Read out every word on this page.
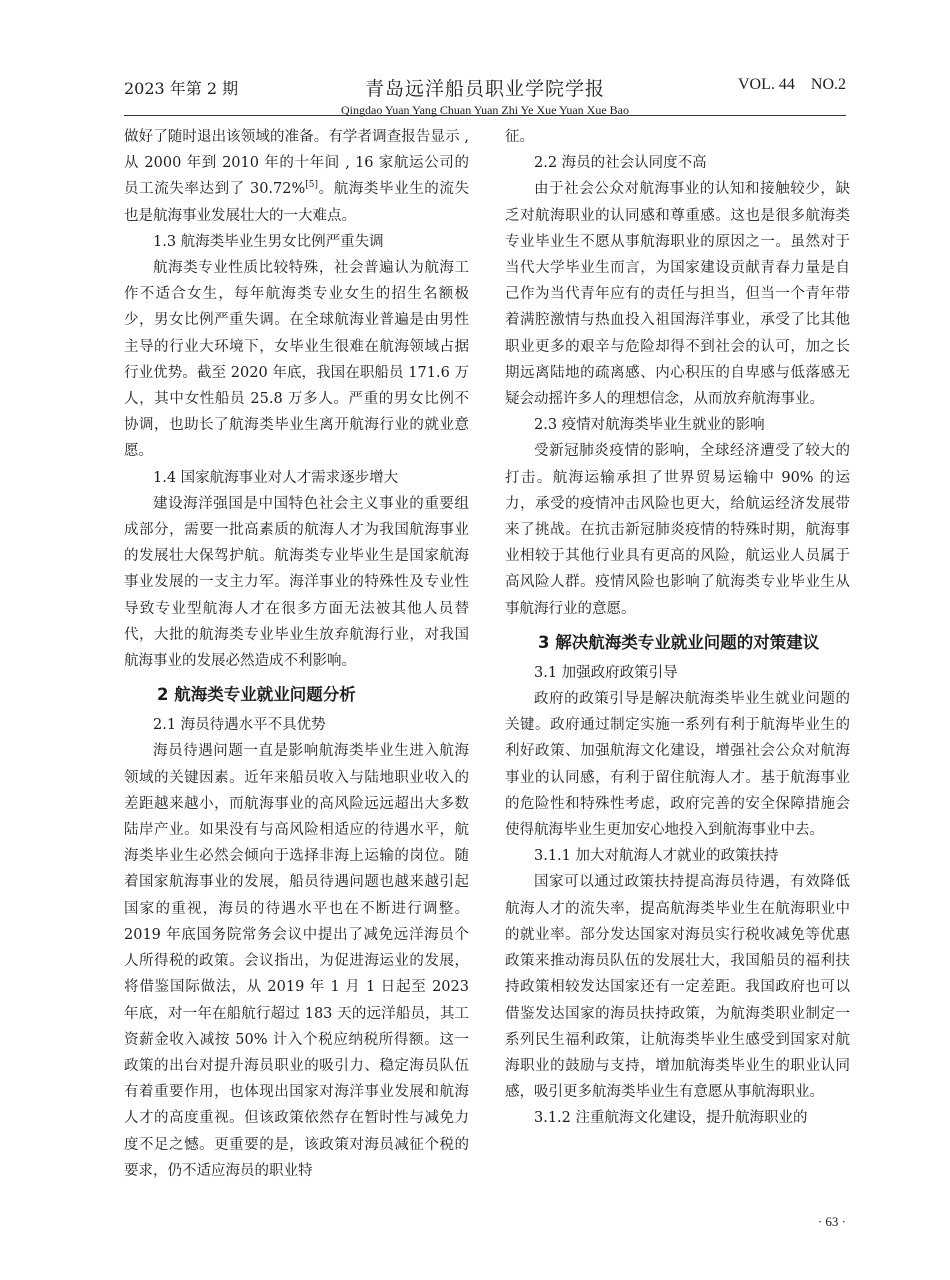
2023 年第 2 期	青岛远洋船员职业学院学报
Qingdao Yuan Yang Chuan Yuan Zhi Ye Xue Yuan Xue Bao
VOL. 44    NO.2

做好了随时退出该领域的准备。有学者调查报告显示 , 从 2000 年到 2010 年的十年间 , 16 家航运公司的员工流失率达到了 30.72%[5]。航海类毕业生的流失也是航海事业发展壮大的一大难点。

1.3 航海类毕业生男女比例严重失调

航海类专业性质比较特殊，社会普遍认为航海工作不适合女生，每年航海类专业女生的招生名额极少，男女比例严重失调。在全球航海业普遍是由男性主导的行业大环境下，女毕业生很难在航海领域占据行业优势。截至 2020 年底，我国在职船员 171.6 万人，其中女性船员 25.8 万多人。严重的男女比例不协调，也助长了航海类毕业生离开航海行业的就业意愿。

1.4 国家航海事业对人才需求逐步增大

建设海洋强国是中国特色社会主义事业的重要组成部分，需要一批高素质的航海人才为我国航海事业的发展壮大保驾护航。航海类专业毕业生是国家航海事业发展的一支主力军。海洋事业的特殊性及专业性导致专业型航海人才在很多方面无法被其他人员替代，大批的航海类专业毕业生放弃航海行业，对我国航海事业的发展必然造成不利影响。

2 航海类专业就业问题分析
2.1 海员待遇水平不具优势

海员待遇问题一直是影响航海类毕业生进入航海领域的关键因素。近年来船员收入与陆地职业收入的差距越来越小，而航海事业的高风险远远超出大多数陆岸产业。如果没有与高风险相适应的待遇水平，航海类毕业生必然会倾向于选择非海上运输的岗位。随着国家航海事业的发展，船员待遇问题也越来越引起国家的重视，海员的待遇水平也在不断进行调整。2019 年底国务院常务会议中提出了减免远洋海员个人所得税的政策。会议指出，为促进海运业的发展，将借鉴国际做法，从 2019 年 1 月 1 日起至 2023 年底，对一年在船航行超过 183 天的远洋船员，其工资薪金收入减按 50% 计入个税应纳税所得额。这一政策的出台对提升海员职业的吸引力、稳定海员队伍有着重要作用，也体现出国家对海洋事业发展和航海人才的高度重视。但该政策依然存在暂时性与减免力度不足之憾。更重要的是，该政策对海员减征个税的要求，仍不适应海员的职业特

征。

2.2 海员的社会认同度不高

由于社会公众对航海事业的认知和接触较少，缺乏对航海职业的认同感和尊重感。这也是很多航海类专业毕业生不愿从事航海职业的原因之一。虽然对于当代大学毕业生而言，为国家建设贡献青春力量是自己作为当代青年应有的责任与担当，但当一个青年带着满腔激情与热血投入祖国海洋事业，承受了比其他职业更多的艰辛与危险却得不到社会的认可，加之长期远离陆地的疏离感、内心积压的自卑感与低落感无疑会动摇许多人的理想信念，从而放弃航海事业。

2.3 疫情对航海类毕业生就业的影响

受新冠肺炎疫情的影响，全球经济遭受了较大的打击。航海运输承担了世界贸易运输中 90% 的运力，承受的疫情冲击风险也更大，给航运经济发展带来了挑战。在抗击新冠肺炎疫情的特殊时期，航海事业相较于其他行业具有更高的风险，航运业人员属于高风险人群。疫情风险也影响了航海类专业毕业生从事航海行业的意愿。

3 解决航海类专业就业问题的对策建议
3.1 加强政府政策引导

政府的政策引导是解决航海类毕业生就业问题的关键。政府通过制定实施一系列有利于航海毕业生的利好政策、加强航海文化建设，增强社会公众对航海事业的认同感，有利于留住航海人才。基于航海事业的危险性和特殊性考虑，政府完善的安全保障措施会使得航海毕业生更加安心地投入到航海事业中去。

3.1.1 加大对航海人才就业的政策扶持

国家可以通过政策扶持提高海员待遇，有效降低航海人才的流失率，提高航海类毕业生在航海职业中的就业率。部分发达国家对海员实行税收减免等优惠政策来推动海员队伍的发展壮大，我国船员的福利扶持政策相较发达国家还有一定差距。我国政府也可以借鉴发达国家的海员扶持政策，为航海类职业制定一系列民生福利政策，让航海类毕业生感受到国家对航海职业的鼓励与支持，增加航海类毕业生的职业认同感，吸引更多航海类毕业生有意愿从事航海职业。

3.1.2 注重航海文化建设，提升航海职业的
· 63 ·
